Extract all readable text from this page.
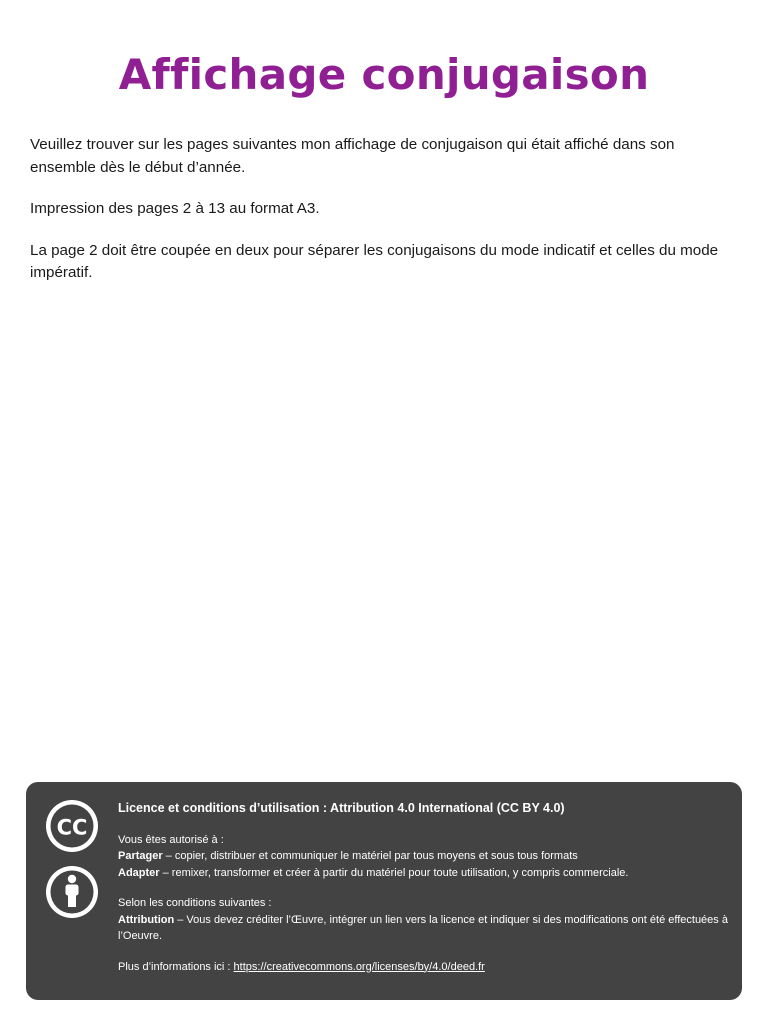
Affichage conjugaison

Veuillez trouver sur les pages suivantes mon affichage de conjugaison qui était affiché dans son ensemble dès le début d’année.

Impression des pages 2 à 13 au format A3.

La page 2 doit être coupée en deux pour séparer les conjugaisons du mode indicatif et celles du mode impératif.

CC
Licence et conditions d’utilisation : Attribution 4.0 International (CC BY 4.0)
Vous êtes autorisé à :
Partager – copier, distribuer et communiquer le matériel par tous moyens et sous tous formats
Adapter – remixer, transformer et créer à partir du matériel pour toute utilisation, y compris commerciale.
Selon les conditions suivantes :
Attribution – Vous devez créditer l’Œuvre, intégrer un lien vers la licence et indiquer si des modifications ont été effectuées à l’Oeuvre.
Plus d’informations ici : https://creativecommons.org/licenses/by/4.0/deed.fr
